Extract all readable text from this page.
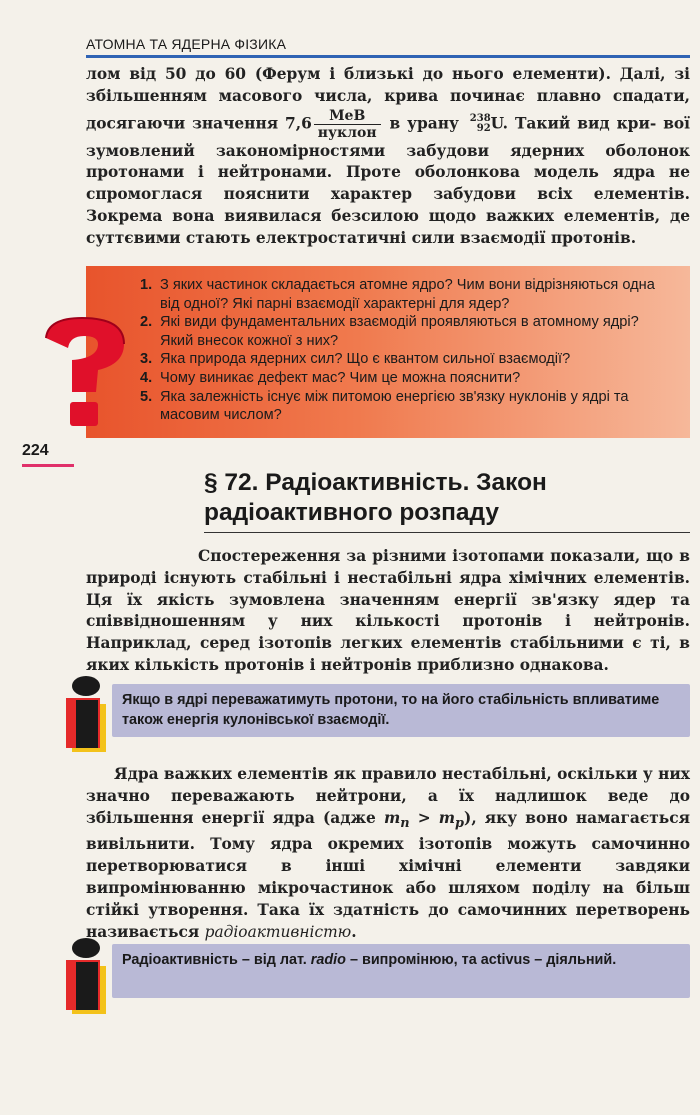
АТОМНА ТА ЯДЕРНА ФІЗИКА

лом від 50 до 60 (Ферум і близькі до нього елементи). Далі, зі збільшенням масового числа, крива починає плавно спадати, досягаючи значення $7,6 \frac{\text{МеВ}}{\text{нуклон}}$ в урану 238
92 U. Такий вид кри- вої зумовлений закономірностями забудови ядерних оболонок протонами і нейтронами. Проте оболонкова модель ядра не спромоглася пояснити характер забудови всіх елементів. Зокрема вона виявилася безсилою щодо важких елементів, де суттєвими стають електростатичні сили взаємодії протонів.

1. З яких частинок складається атомне ядро? Чим вони відрізняються одна від одної? Які парні взаємодії характерні для ядер?
2. Які види фундаментальних взаємодій проявляються в атомному ядрі? Який внесок кожної з них?
3. Яка природа ядерних сил? Що є квантом сильної взаємодії?
4. Чому виникає дефект мас? Чим це можна пояснити?
5. Яка залежність існує між питомою енергією зв'язку нуклонів у ядрі та масовим числом?
224
§ 72. Радіоактивність. Закон
радіоактивного розпаду

Спостереження за різними ізотопами показали, що в природі існують стабільні і нестабільні ядра хімічних елементів. Ця їх якість зумовлена значенням енергії зв'язку ядер та співвідношенням у них кількості протонів і нейтронів. Наприклад, серед ізотопів легких елементів стабільними є ті, в яких кількість протонів і нейтронів приблизно однакова.

Якщо в ядрі переважатимуть протони, то на його стабільність впливатиме також енергія кулонівської взаємодії.

Ядра важких елементів як правило нестабільні, оскільки у них значно переважають нейтрони, а їх надлишок веде до збільшення енергії ядра (адже $m_n > m_p$), яку воно намагається вивільнити. Тому ядра окремих ізотопів можуть самочинно перетворюватися в інші хімічні елементи завдяки випромінюванню мікрочастинок або шляхом поділу на більш стійкі утворення. Така їх здатність до самочинних перетворень називається радіоактивністю.

Радіоактивність – від лат. radio – випромінюю, та activus – діяльний.
